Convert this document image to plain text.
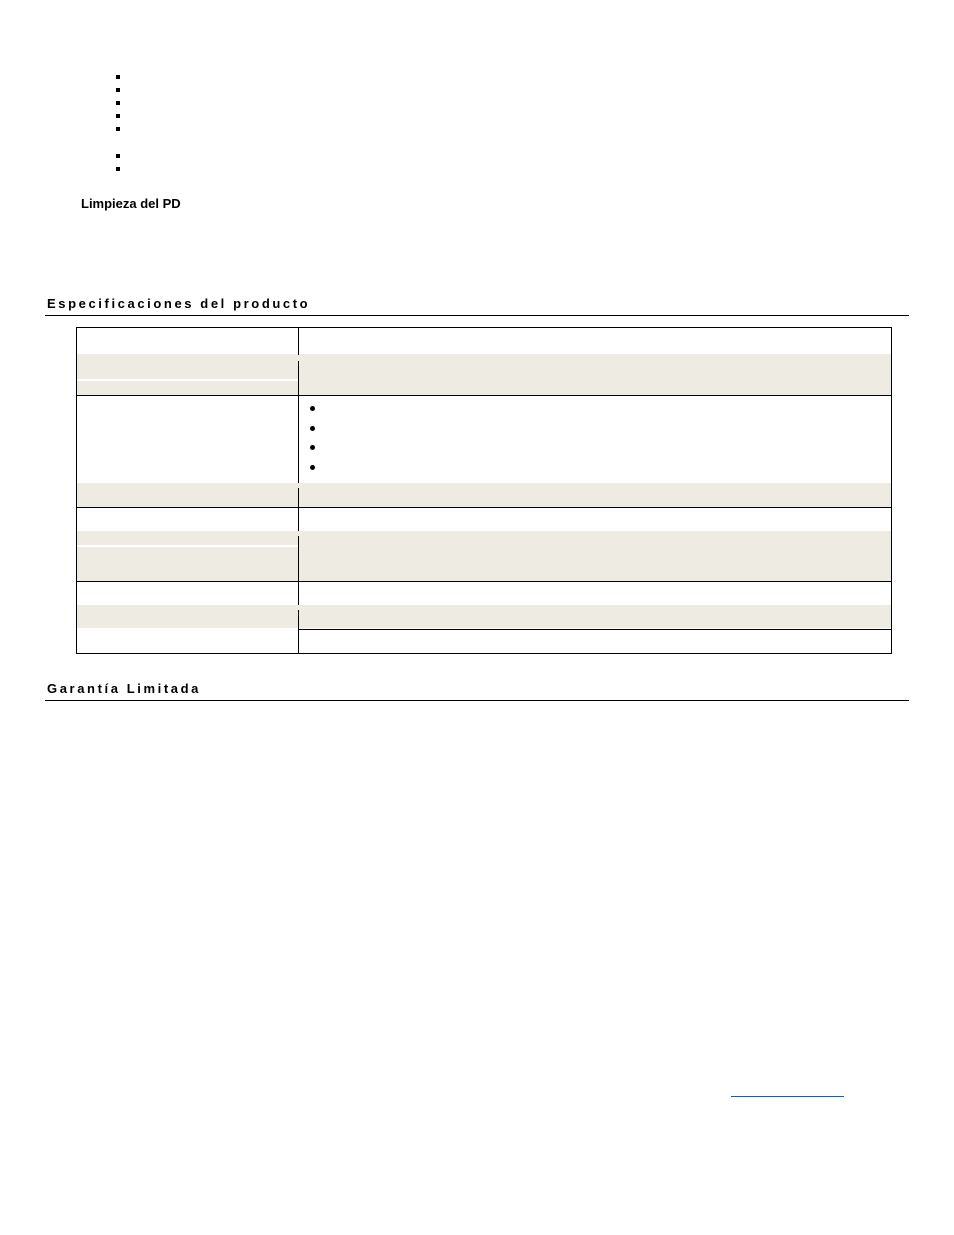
Limpieza del PD
Especificaciones del producto
Garantía Limitada
